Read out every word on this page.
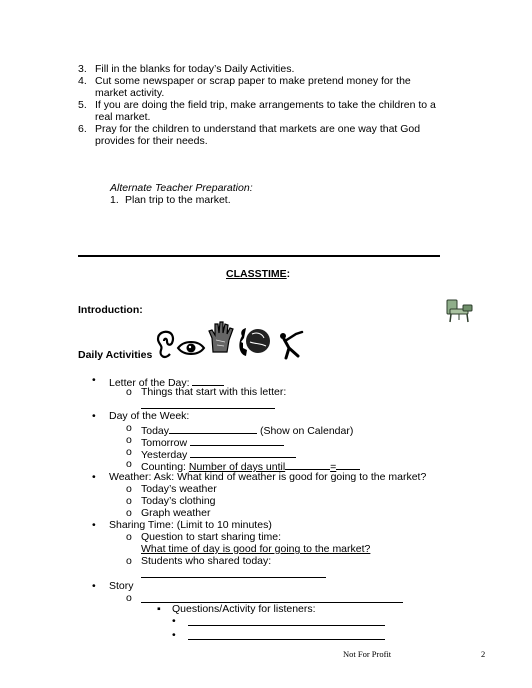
3. Fill in the blanks for today’s Daily Activities.
4. Cut some newspaper or scrap paper to make pretend money for the
market activity.
5. If you are doing the field trip, make arrangements to take the children to a
real market.
6. Pray for the children to understand that markets are one way that God
provides for their needs.
Alternate Teacher Preparation:
1. Plan trip to the market.
CLASSTIME:
Introduction:
Daily Activities
• Letter of the Day:
o Things that start with this letter:
• Day of the Week:
o Today	(Show on Calendar)
o Tomorrow
o Yesterday
o Counting: Number of days until	=
• Weather: Ask: What kind of weather is good for going to the market?
o Today’s weather
o Today’s clothing
o Graph weather
• Sharing Time: (Limit to 10 minutes)
o Question to start sharing time:
What time of day is good for going to the market?
o Students who shared today:
• Story
o
▪ Questions/Activity for listeners:
•
•
Not For Profit	2
